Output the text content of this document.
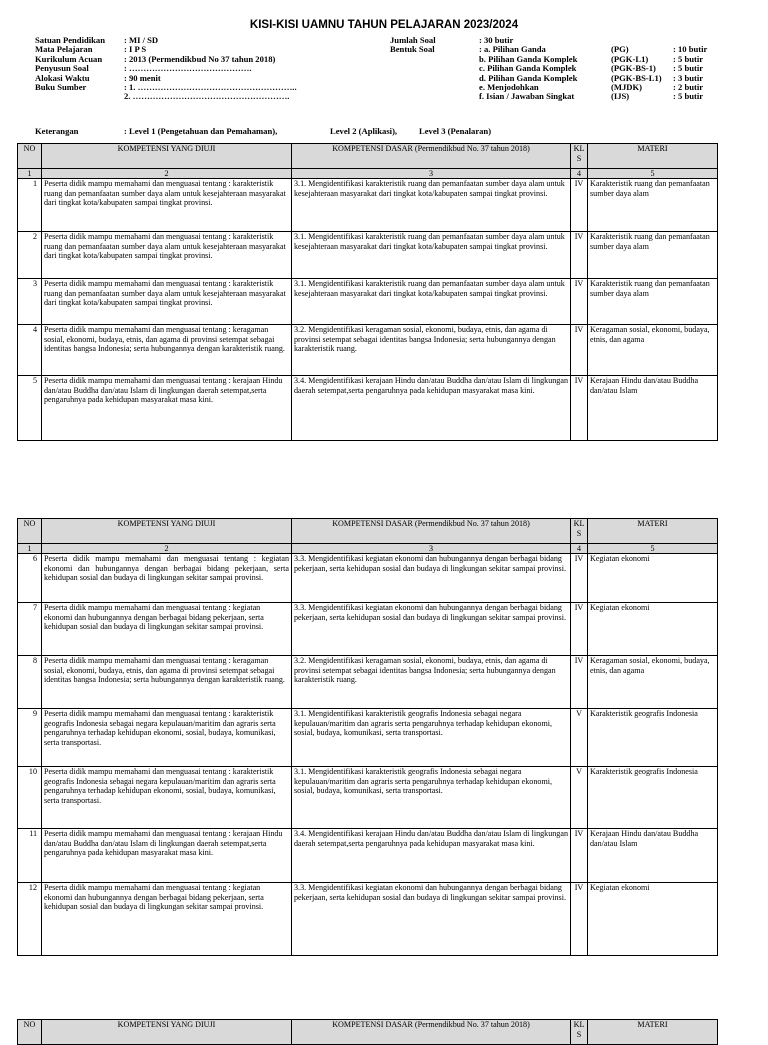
KISI-KISI UAMNU TAHUN PELAJARAN 2023/2024
Satuan Pendidikan : MI / SD
Mata Pelajaran	: I P S
Kurikulum Acuan	: 2013 (Permendikbud No 37 tahun 2018)
Penyusun Soal	: …………………………………….
Alokasi Waktu	: 90 menit
Buku Sumber	: 1. ………………………………………………..
2. ……………………………………………….
Jumlah Soal	: 30 butir
Bentuk Soal	: a. Pilihan Ganda	(PG)	: 10 butir
b. Pilihan Ganda Komplek	(PGK-L1)	: 5 butir
c. Pilihan Ganda Komplek	(PGK-BS-1) : 5 butir
d. Pilihan Ganda Komplek	(PGK-BS-L1) : 3 butir
e. Menjodohkan	(MJDK)	: 2 butir
f. Isian / Jawaban Singkat	(IJS)	: 5 butir
Keterangan	: Level 1 (Pengetahuan dan Pemahaman),	Level 2 (Aplikasi),	Level 3 (Penalaran)
NO	KOMPETENSI YANG DIUJI	KOMPETENSI DASAR (Permendikbud No. 37 tahun 2018)	KL S	MATERI
1	2	3	4	5
1	Peserta didik mampu memahami dan menguasai tentang : karakteristik ruang dan pemanfaatan sumber daya alam untuk kesejahteraan masyarakat dari tingkat kota/kabupaten sampai tingkat provinsi.	3.1. Mengidentifikasi karakteristik ruang dan pemanfaatan sumber daya alam untuk kesejahteraan masyarakat dari tingkat kota/kabupaten sampai tingkat provinsi.	IV	Karakteristik ruang dan pemanfaatan sumber daya alam
2	Peserta didik mampu memahami dan menguasai tentang : karakteristik ruang dan pemanfaatan sumber daya alam untuk kesejahteraan masyarakat dari tingkat kota/kabupaten sampai tingkat provinsi.	3.1. Mengidentifikasi karakteristik ruang dan pemanfaatan sumber daya alam untuk kesejahteraan masyarakat dari tingkat kota/kabupaten sampai tingkat provinsi.	IV	Karakteristik ruang dan pemanfaatan sumber daya alam
3	Peserta didik mampu memahami dan menguasai tentang : karakteristik ruang dan pemanfaatan sumber daya alam untuk kesejahteraan masyarakat dari tingkat kota/kabupaten sampai tingkat provinsi.	3.1. Mengidentifikasi karakteristik ruang dan pemanfaatan sumber daya alam untuk kesejahteraan masyarakat dari tingkat kota/kabupaten sampai tingkat provinsi.	IV	Karakteristik ruang dan pemanfaatan sumber daya alam
4	Peserta didik mampu memahami dan menguasai tentang : keragaman sosial, ekonomi, budaya, etnis, dan agama di provinsi setempat sebagai identitas bangsa Indonesia; serta hubungannya dengan karakteristik ruang.	3.2. Mengidentifikasi keragaman sosial, ekonomi, budaya, etnis, dan agama di provinsi setempat sebagai identitas bangsa Indonesia; serta hubungannya dengan karakteristik ruang.	IV	Keragaman sosial, ekonomi, budaya, etnis, dan agama
5	Peserta didik mampu memahami dan menguasai tentang : kerajaan Hindu dan/atau Buddha dan/atau Islam di lingkungan daerah setempat,serta pengaruhnya pada kehidupan masyarakat masa kini.	3.4. Mengidentifikasi kerajaan Hindu dan/atau Buddha dan/atau Islam di lingkungan daerah setempat,serta pengaruhnya pada kehidupan masyarakat masa kini.	IV	Kerajaan Hindu dan/atau Buddha dan/atau Islam
NO	KOMPETENSI YANG DIUJI	KOMPETENSI DASAR (Permendikbud No. 37 tahun 2018)	KL S	MATERI
1	2	3	4	5
6	Peserta didik mampu memahami dan menguasai tentang : kegiatan ekonomi dan hubungannya dengan berbagai bidang pekerjaan, serta kehidupan sosial dan budaya di lingkungan sekitar sampai provinsi.	3.3. Mengidentifikasi kegiatan ekonomi dan hubungannya dengan berbagai bidang pekerjaan, serta kehidupan sosial dan budaya di lingkungan sekitar sampai provinsi.	IV	Kegiatan ekonomi
7	Peserta didik mampu memahami dan menguasai tentang : kegiatan ekonomi dan hubungannya dengan berbagai bidang pekerjaan, serta kehidupan sosial dan budaya di lingkungan sekitar sampai provinsi.	3.3. Mengidentifikasi kegiatan ekonomi dan hubungannya dengan berbagai bidang pekerjaan, serta kehidupan sosial dan budaya di lingkungan sekitar sampai provinsi.	IV	Kegiatan ekonomi
8	Peserta didik mampu memahami dan menguasai tentang : keragaman sosial, ekonomi, budaya, etnis, dan agama di provinsi setempat sebagai identitas bangsa Indonesia; serta hubungannya dengan karakteristik ruang.	3.2. Mengidentifikasi keragaman sosial, ekonomi, budaya, etnis, dan agama di provinsi setempat sebagai identitas bangsa Indonesia; serta hubungannya dengan karakteristik ruang.	IV	Keragaman sosial, ekonomi, budaya, etnis, dan agama
9	Peserta didik mampu memahami dan menguasai tentang : karakteristik geografis Indonesia sebagai negara kepulauan/maritim dan agraris serta pengaruhnya terhadap kehidupan ekonomi, sosial, budaya, komunikasi, serta transportasi.	3.1. Mengidentifikasi karakteristik geografis Indonesia sebagai negara kepulauan/maritim dan agraris serta pengaruhnya terhadap kehidupan ekonomi, sosial, budaya, komunikasi, serta transportasi.	V	Karakteristik geografis Indonesia
10	Peserta didik mampu memahami dan menguasai tentang : karakteristik geografis Indonesia sebagai negara kepulauan/maritim dan agraris serta pengaruhnya terhadap kehidupan ekonomi, sosial, budaya, komunikasi, serta transportasi.	3.1. Mengidentifikasi karakteristik geografis Indonesia sebagai negara kepulauan/maritim dan agraris serta pengaruhnya terhadap kehidupan ekonomi, sosial, budaya, komunikasi, serta transportasi.	V	Karakteristik geografis Indonesia
11	Peserta didik mampu memahami dan menguasai tentang : kerajaan Hindu dan/atau Buddha dan/atau Islam di lingkungan daerah setempat,serta pengaruhnya pada kehidupan masyarakat masa kini.	3.4. Mengidentifikasi kerajaan Hindu dan/atau Buddha dan/atau Islam di lingkungan daerah setempat,serta pengaruhnya pada kehidupan masyarakat masa kini.	IV	Kerajaan Hindu dan/atau Buddha dan/atau Islam
12	Peserta didik mampu memahami dan menguasai tentang : kegiatan ekonomi dan hubungannya dengan berbagai bidang pekerjaan, serta kehidupan sosial dan budaya di lingkungan sekitar sampai provinsi.	3.3. Mengidentifikasi kegiatan ekonomi dan hubungannya dengan berbagai bidang pekerjaan, serta kehidupan sosial dan budaya di lingkungan sekitar sampai provinsi.	IV	Kegiatan ekonomi
NO	KOMPETENSI YANG DIUJI	KOMPETENSI DASAR (Permendikbud No. 37 tahun 2018)	KL S	MATERI
